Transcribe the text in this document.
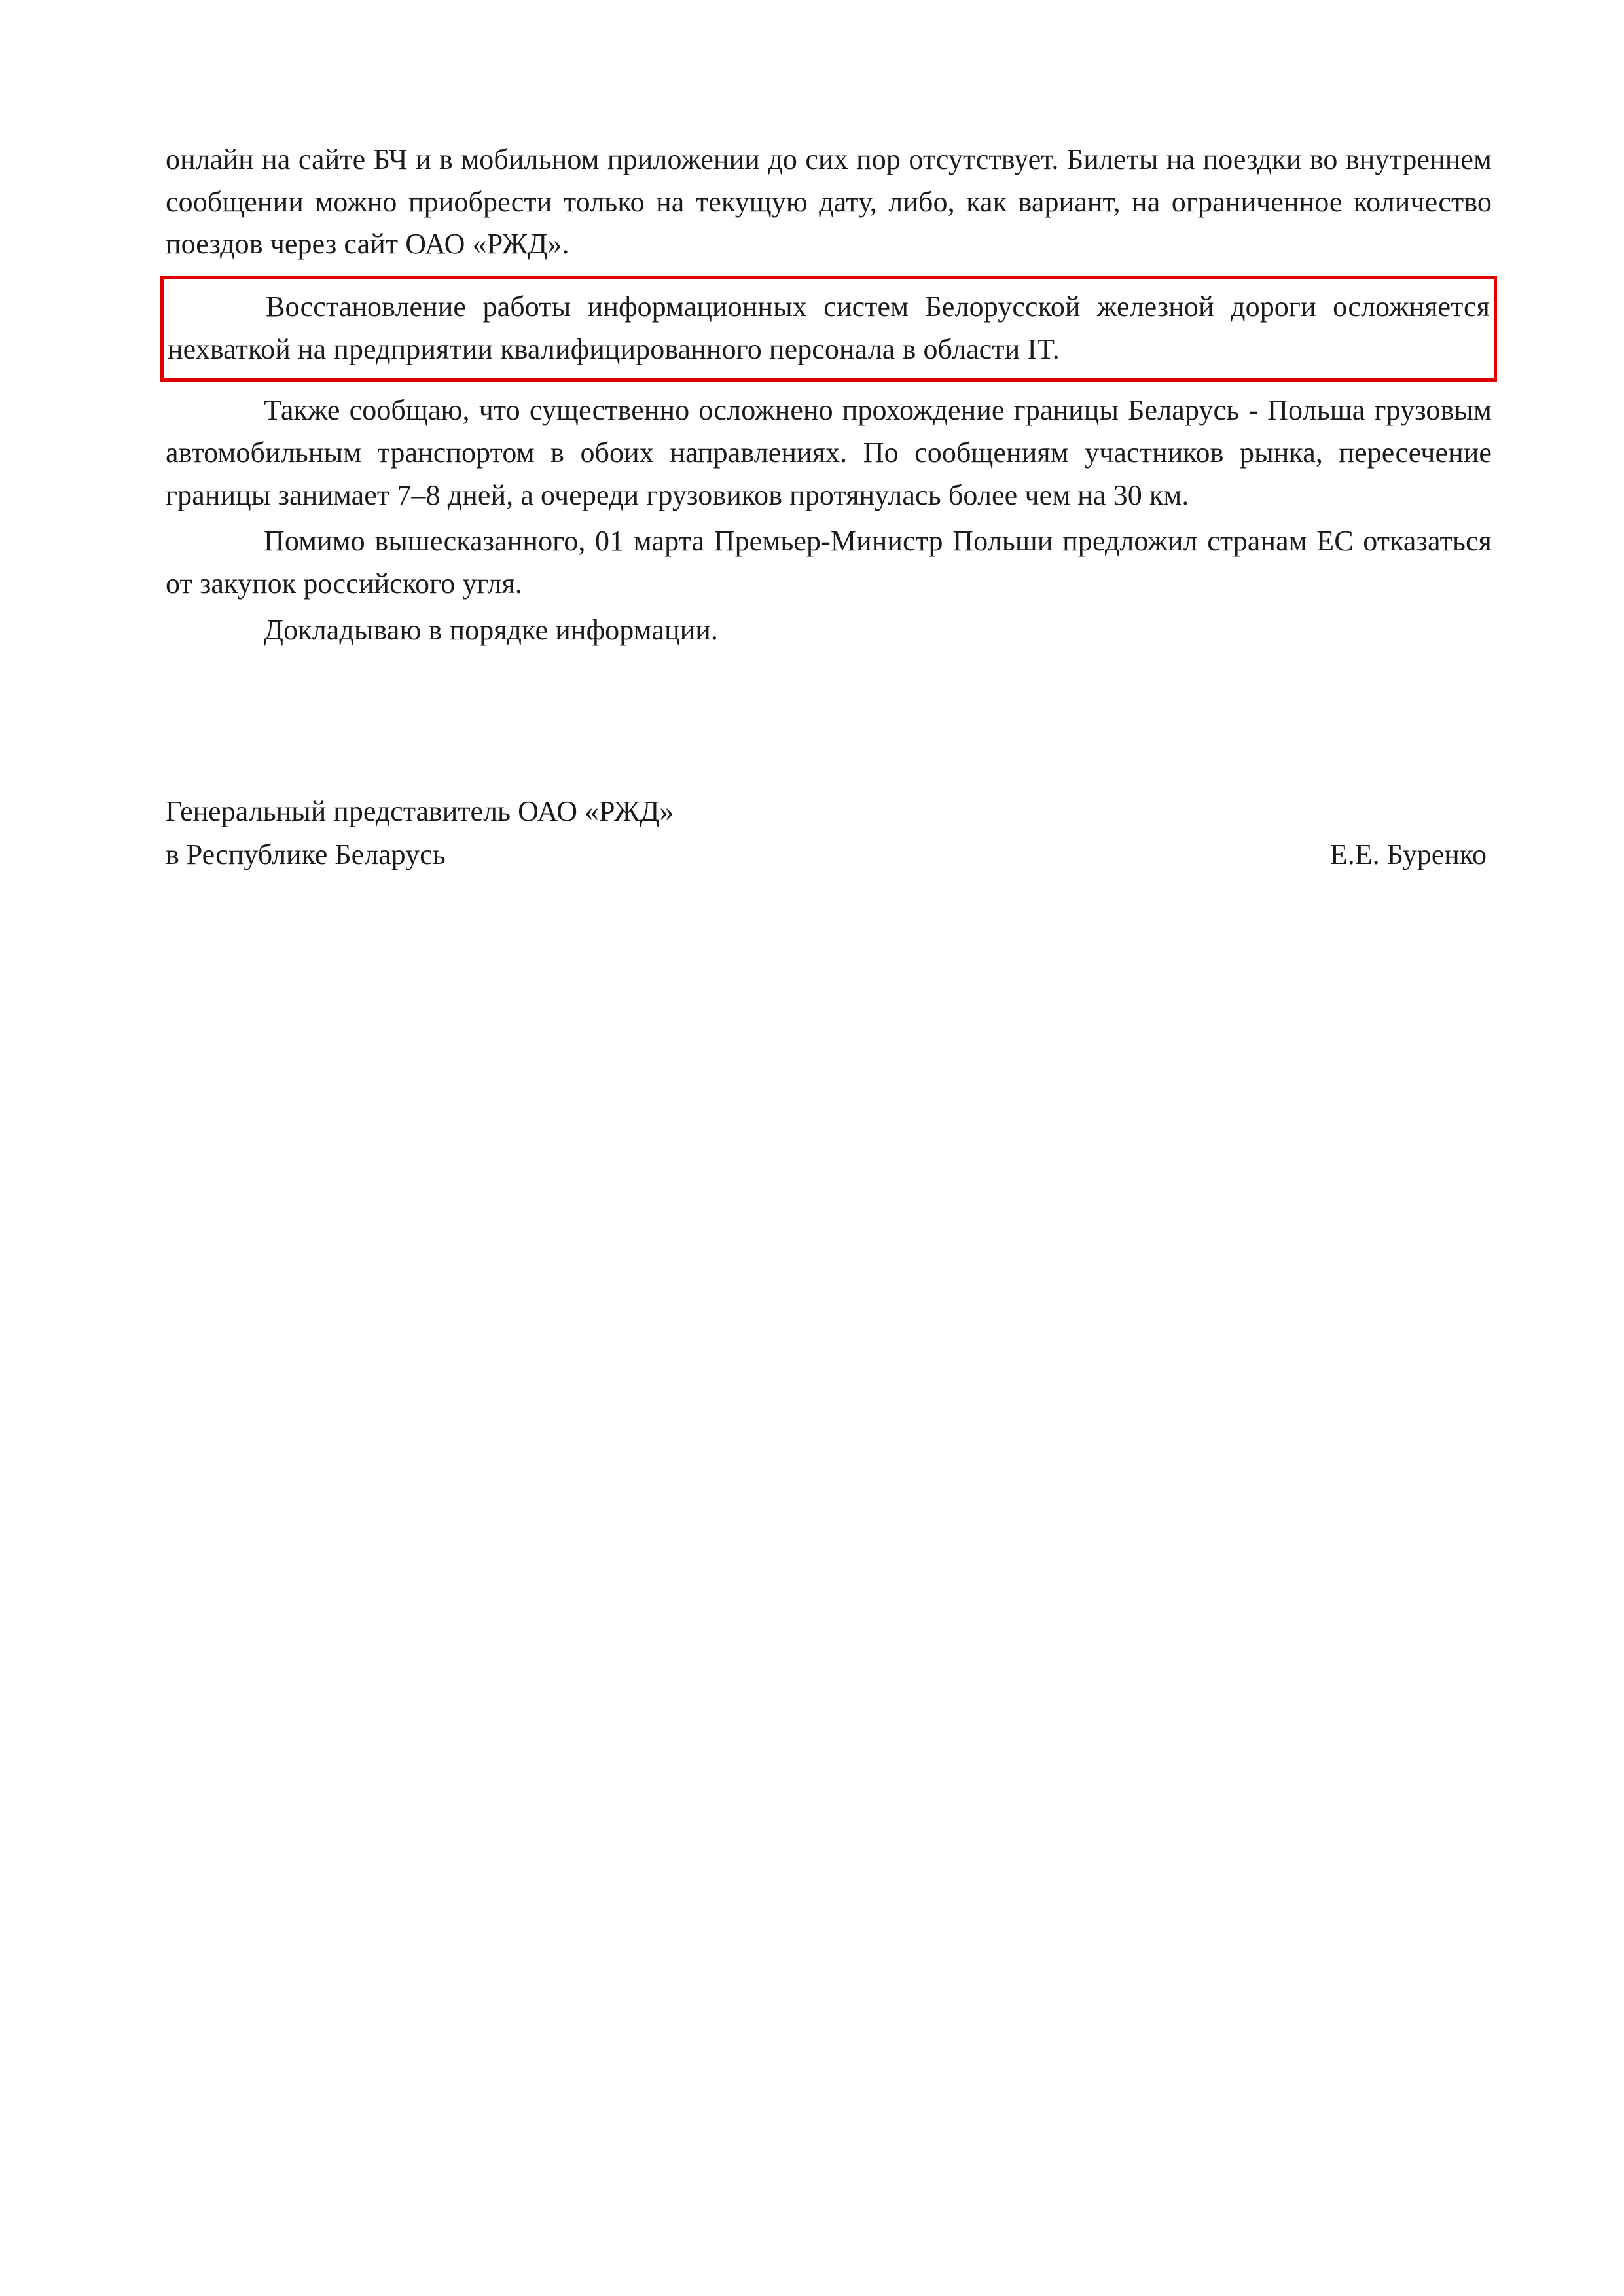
онлайн на сайте БЧ и в мобильном приложении до сих пор отсутствует. Билеты на поездки во внутреннем сообщении можно приобрести только на текущую дату, либо, как вариант, на ограниченное количество поездов через сайт ОАО «РЖД».

Восстановление работы информационных систем Белорусской железной дороги осложняется нехваткой на предприятии квалифицированного персонала в области IT.

Также сообщаю, что существенно осложнено прохождение границы Беларусь - Польша грузовым автомобильным транспортом в обоих направлениях. По сообщениям участников рынка, пересечение границы занимает 7–8 дней, а очереди грузовиков протянулась более чем на 30 км.

Помимо вышесказанного, 01 марта Премьер-Министр Польши предложил странам ЕС отказаться от закупок российского угля.

Докладываю в порядке информации.

Генеральный представитель ОАО «РЖД»
в Республике Беларусь	Е.Е. Буренко
